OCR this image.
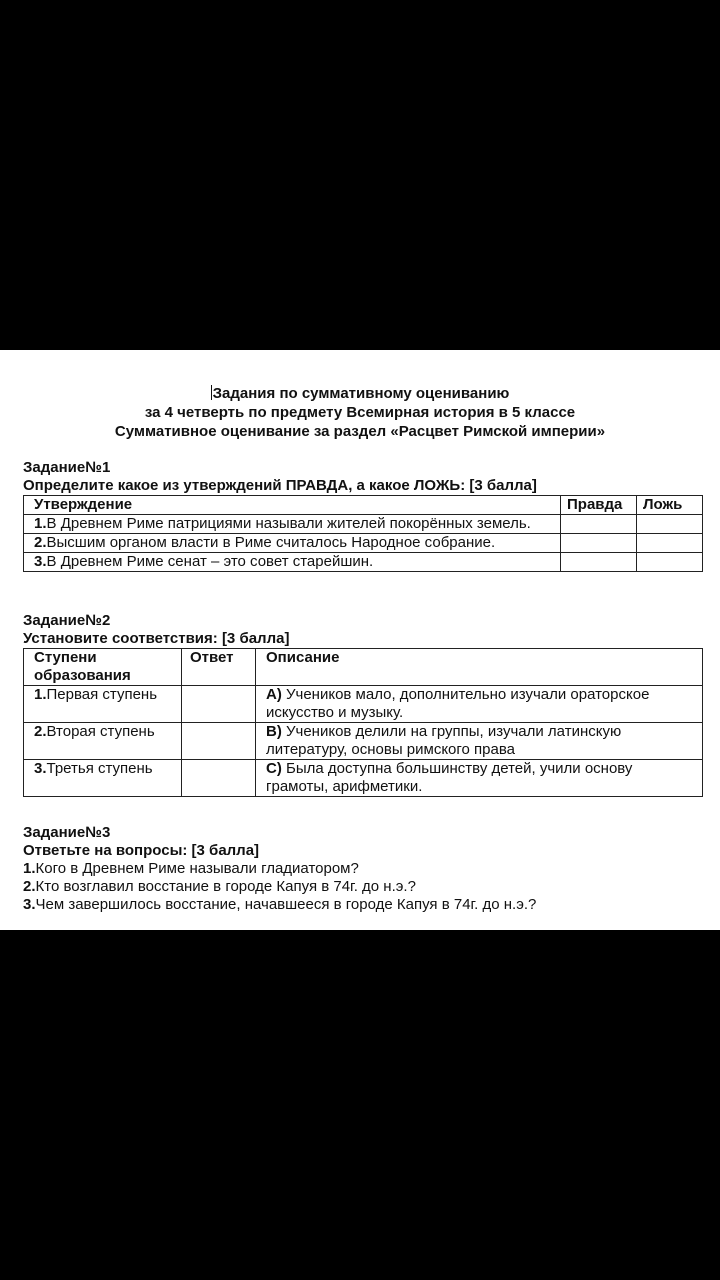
Задания по суммативному оцениванию
за 4 четверть по предмету Всемирная история в 5 классе
Суммативное оценивание за раздел «Расцвет Римской империи»
Задание№1
Определите какое из утверждений ПРАВДА, а какое ЛОЖЬ: [3 балла]
Утверждение	Правда	Ложь
1.В Древнем Риме патрициями называли жителей покорённых земель.		
2.Высшим органом власти в Риме считалось Народное собрание.		
3.В Древнем Риме сенат – это совет старейшин.		
Задание№2
Установите соответствия: [3 балла]
Ступени образования	Ответ	Описание
1.Первая ступень		А) Учеников мало, дополнительно изучали ораторское искусство и музыку.
2.Вторая ступень		В) Учеников делили на группы, изучали латинскую литературу, основы римского права
3.Третья ступень		С) Была доступна большинству детей, учили основу грамоты, арифметики.
Задание№3
Ответьте на вопросы: [3 балла]
1.Кого в Древнем Риме называли гладиатором?
2.Кто возглавил восстание в городе Капуя в 74г. до н.э.?
3.Чем завершилось восстание, начавшееся в городе Капуя в 74г. до н.э.?
